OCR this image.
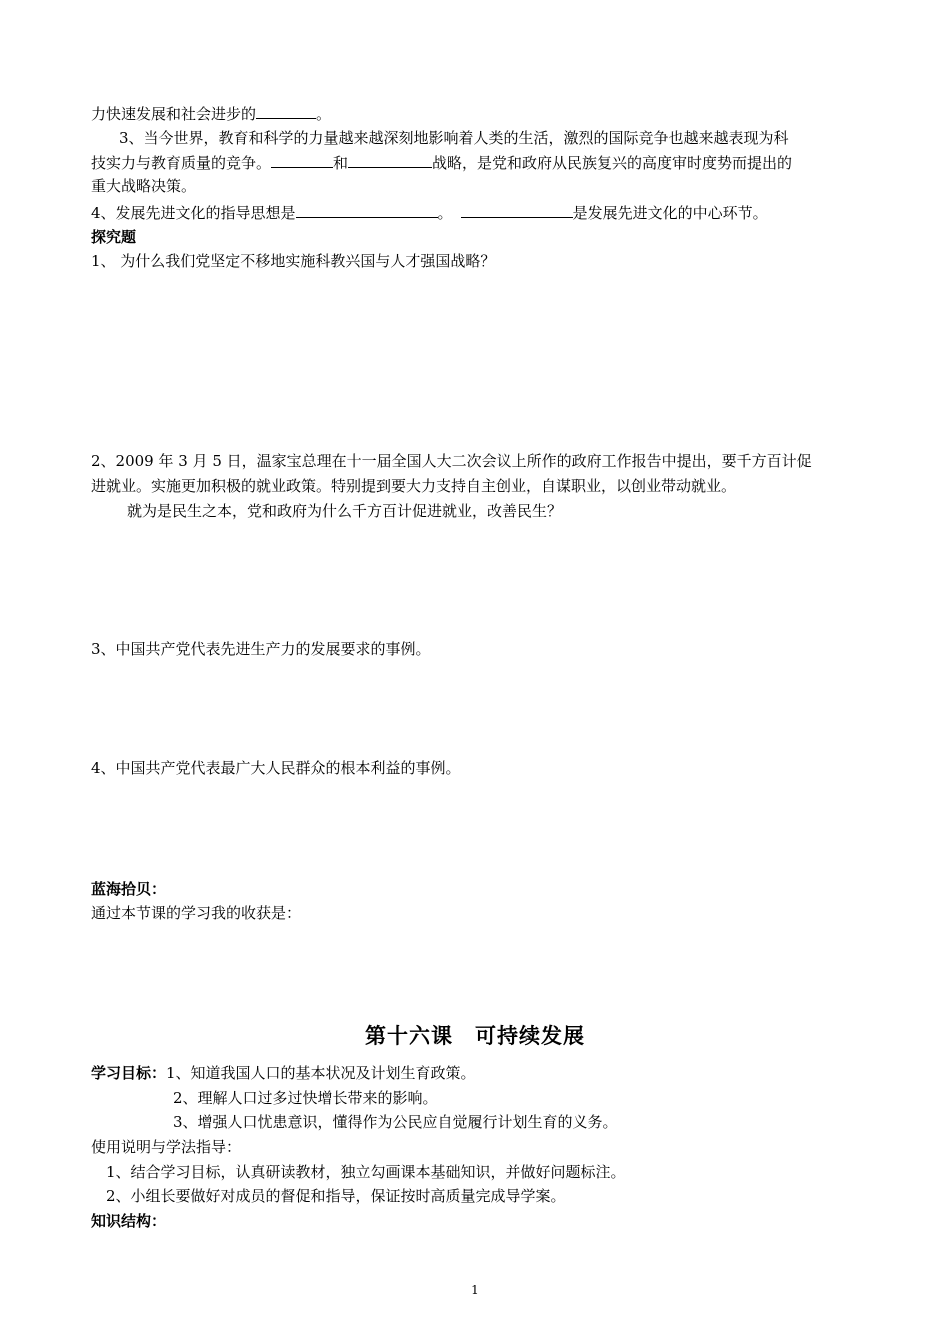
力快速发展和社会进步的	。
3、当今世界，教育和科学的力量越来越深刻地影响着人类的生活，激烈的国际竞争也越来越表现为科
技实力与教育质量的竞争。	和	战略，是党和政府从民族复兴的高度审时度势而提出的
重大战略决策。
4、发展先进文化的指导思想是	。	是发展先进文化的中心环节。
探究题
1、 为什么我们党坚定不移地实施科教兴国与人才强国战略？
2、2009 年 3 月 5 日，温家宝总理在十一届全国人大二次会议上所作的政府工作报告中提出，要千方百计促
进就业。实施更加积极的就业政策。特别提到要大力支持自主创业，自谋职业，以创业带动就业。
就为是民生之本，党和政府为什么千方百计促进就业，改善民生？
3、中国共产党代表先进生产力的发展要求的事例。
4、中国共产党代表最广大人民群众的根本利益的事例。
蓝海拾贝：
通过本节课的学习我的收获是：
第十六课　可持续发展
学习目标：1、知道我国人口的基本状况及计划生育政策。
2、理解人口过多过快增长带来的影响。
3、增强人口忧患意识，懂得作为公民应自觉履行计划生育的义务。
使用说明与学法指导：
1、结合学习目标，认真研读教材，独立勾画课本基础知识，并做好问题标注。
2、小组长要做好对成员的督促和指导，保证按时高质量完成导学案。
知识结构：
1
